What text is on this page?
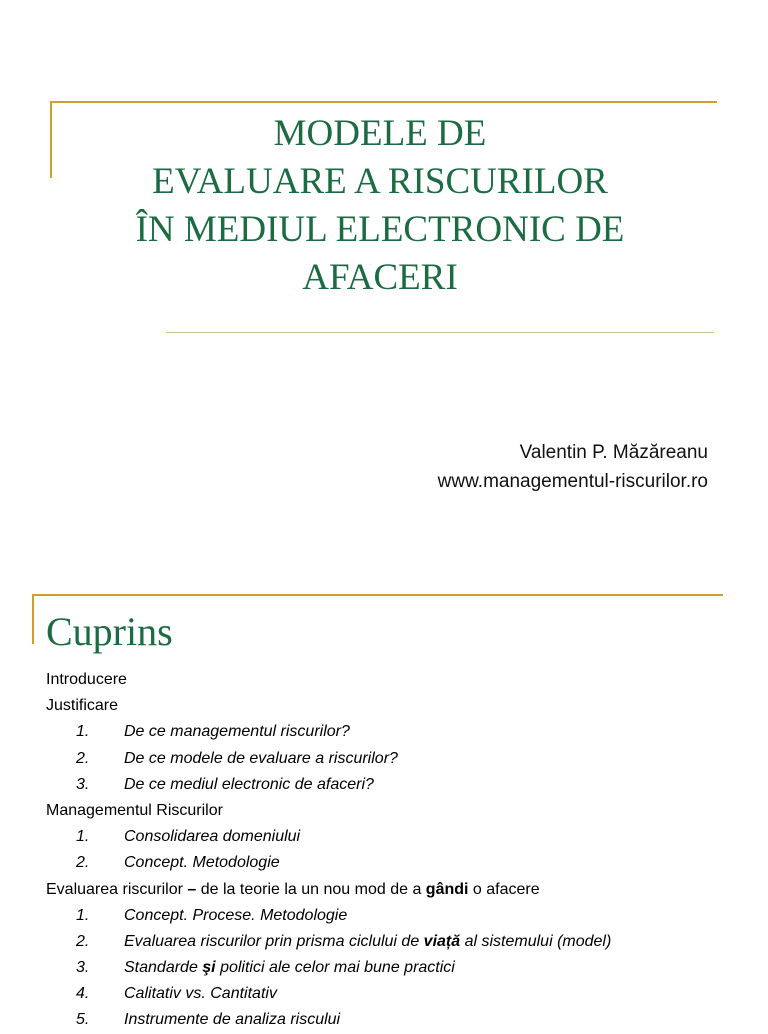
MODELE DE
EVALUARE A RISCURILOR
ÎN MEDIUL ELECTRONIC DE
AFACERI
Valentin P. Măzăreanu
www.managementul-riscurilor.ro
Cuprins
Introducere
Justificare
1. De ce managementul riscurilor?
2. De ce modele de evaluare a riscurilor?
3. De ce mediul electronic de afaceri?
Managementul Riscurilor
1. Consolidarea domeniului
2. Concept. Metodologie
Evaluarea riscurilor – de la teorie la un nou mod de a gândi o afacere
1. Concept. Procese. Metodologie
2. Evaluarea riscurilor prin prisma ciclului de viață al sistemului (model)
3. Standarde şi politici ale celor mai bune practici
4. Calitativ vs. Cantitativ
5. Instrumente de analiza riscului
